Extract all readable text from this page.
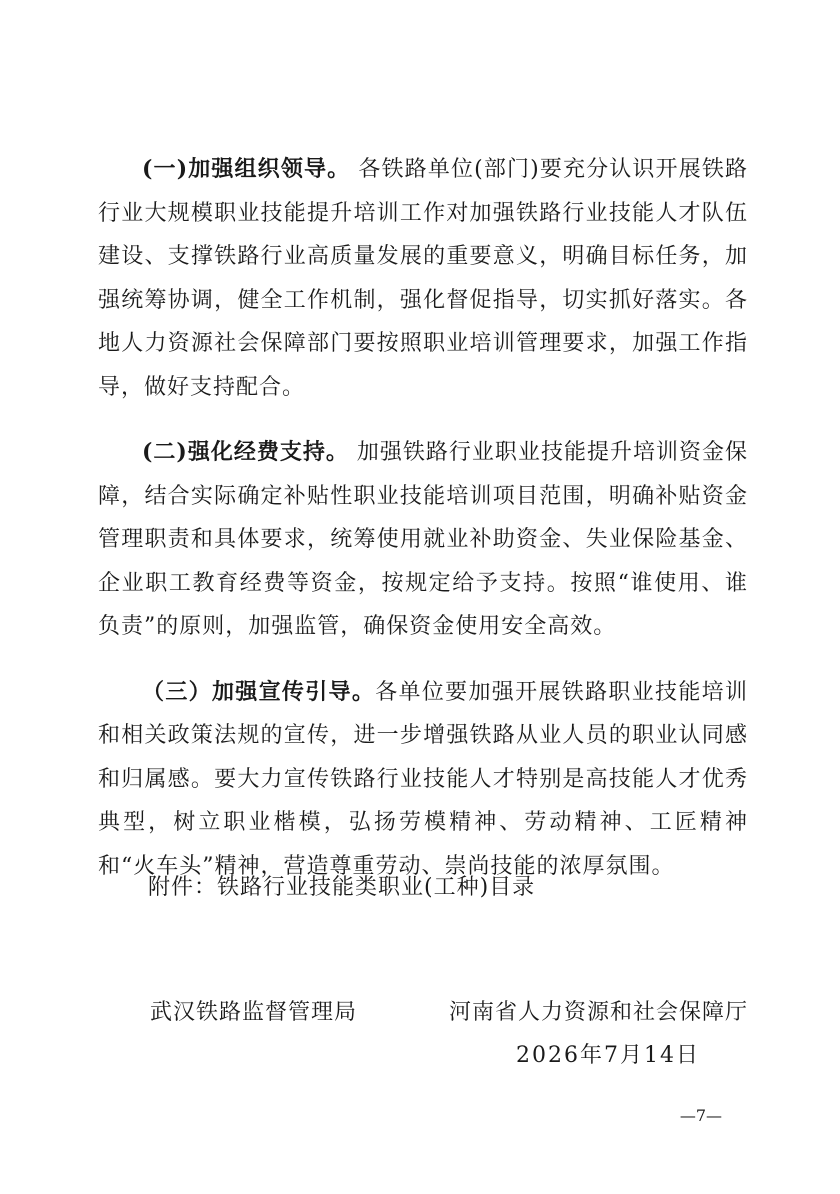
(一)加强组织领导。 各铁路单位(部门)要充分认识开展铁路行业大规模职业技能提升培训工作对加强铁路行业技能人才队伍建设、支撑铁路行业高质量发展的重要意义，明确目标任务，加强统筹协调，健全工作机制，强化督促指导，切实抓好落实。各地人力资源社会保障部门要按照职业培训管理要求，加强工作指导，做好支持配合。

(二)强化经费支持。 加强铁路行业职业技能提升培训资金保障，结合实际确定补贴性职业技能培训项目范围，明确补贴资金管理职责和具体要求，统筹使用就业补助资金、失业保险基金、企业职工教育经费等资金，按规定给予支持。按照“谁使用、谁负责”的原则，加强监管，确保资金使用安全高效。

（三）加强宣传引导。各单位要加强开展铁路职业技能培训和相关政策法规的宣传，进一步增强铁路从业人员的职业认同感和归属感。要大力宣传铁路行业技能人才特别是高技能人才优秀典型，树立职业楷模，弘扬劳模精神、劳动精神、工匠精神和“火车头”精神，营造尊重劳动、崇尚技能的浓厚氛围。

附件：铁路行业技能类职业(工种)目录
武汉铁路监督管理局	河南省人力资源和社会保障厅
2026年7月14日
—7—
